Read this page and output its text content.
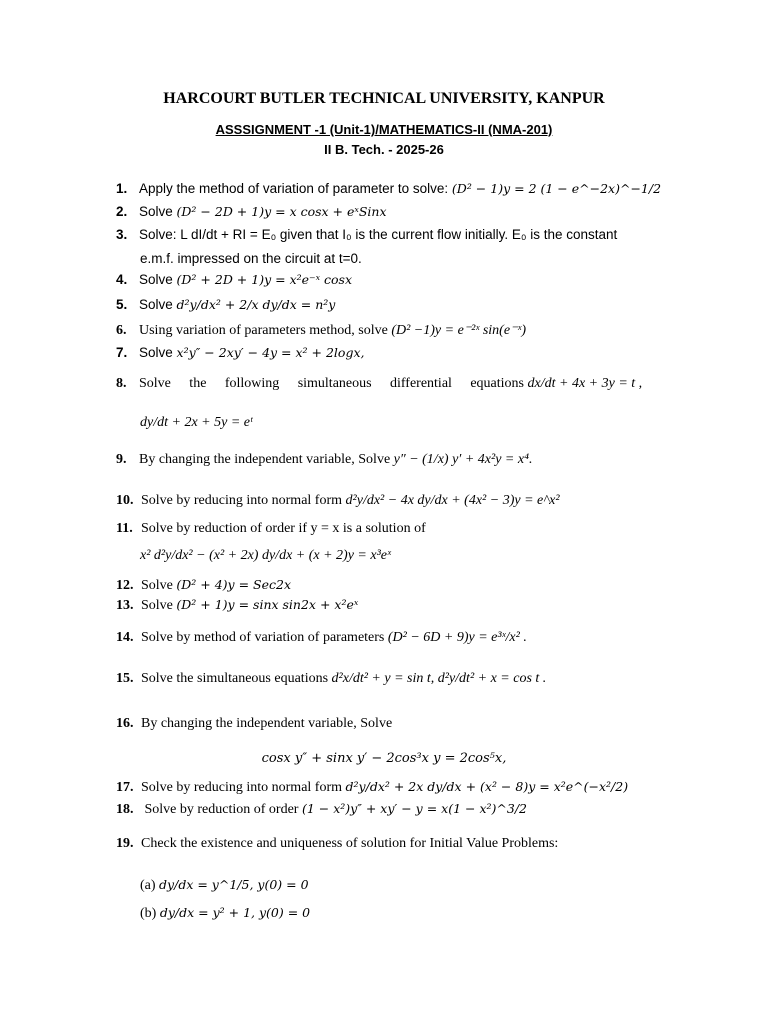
HARCOURT BUTLER TECHNICAL UNIVERSITY, KANPUR
ASSSIGNMENT -1 (Unit-1)/MATHEMATICS-II (NMA-201)
II B. Tech. - 2025-26
1. Apply the method of variation of parameter to solve: (D² − 1)y = 2 (1 − e^−2x)^−1/2
2. Solve (D² − 2D + 1)y = x cosx + eˣSinx
3. Solve: L dI/dt + RI = E₀ given that I₀ is the current flow initially. E₀ is the constant
e.m.f. impressed on the circuit at t=0.
4. Solve (D² + 2D + 1)y = x²e⁻ˣ cosx
5. Solve d²y/dx² + 2/x dy/dx = n²y
6. Using variation of parameters method, solve (D² −1)y = e⁻²ˣ sin(e⁻ˣ)
7. Solve x²y″ − 2xy′ − 4y = x² + 2logx,
8. Solve the following simultaneous differential equations dx/dt + 4x + 3y = t ,
dy/dt + 2x + 5y = eᵗ
9. By changing the independent variable, Solve y″ − (1/x) y′ + 4x²y = x⁴.
10. Solve by reducing into normal form d²y/dx² − 4x dy/dx + (4x² − 3)y = e^x²
11. Solve by reduction of order if y = x is a solution of
x² d²y/dx² − (x² + 2x) dy/dx + (x + 2)y = x³eˣ
12. Solve (D² + 4)y = Sec2x
13. Solve (D² + 1)y = sinx sin2x + x²eˣ
14. Solve by method of variation of parameters (D² − 6D + 9)y = e³ˣ/x² .
15. Solve the simultaneous equations d²x/dt² + y = sin t, d²y/dt² + x = cos t .
16. By changing the independent variable, Solve
cosx y″ + sinx y′ − 2cos³x y = 2cos⁵x,
17. Solve by reducing into normal form d²y/dx² + 2x dy/dx + (x² − 8)y = x²e^(−x²/2)
18. Solve by reduction of order (1 − x²)y″ + xy′ − y = x(1 − x²)^3/2
19. Check the existence and uniqueness of solution for Initial Value Problems:
(a) dy/dx = y^1/5, y(0) = 0
(b) dy/dx = y² + 1, y(0) = 0
